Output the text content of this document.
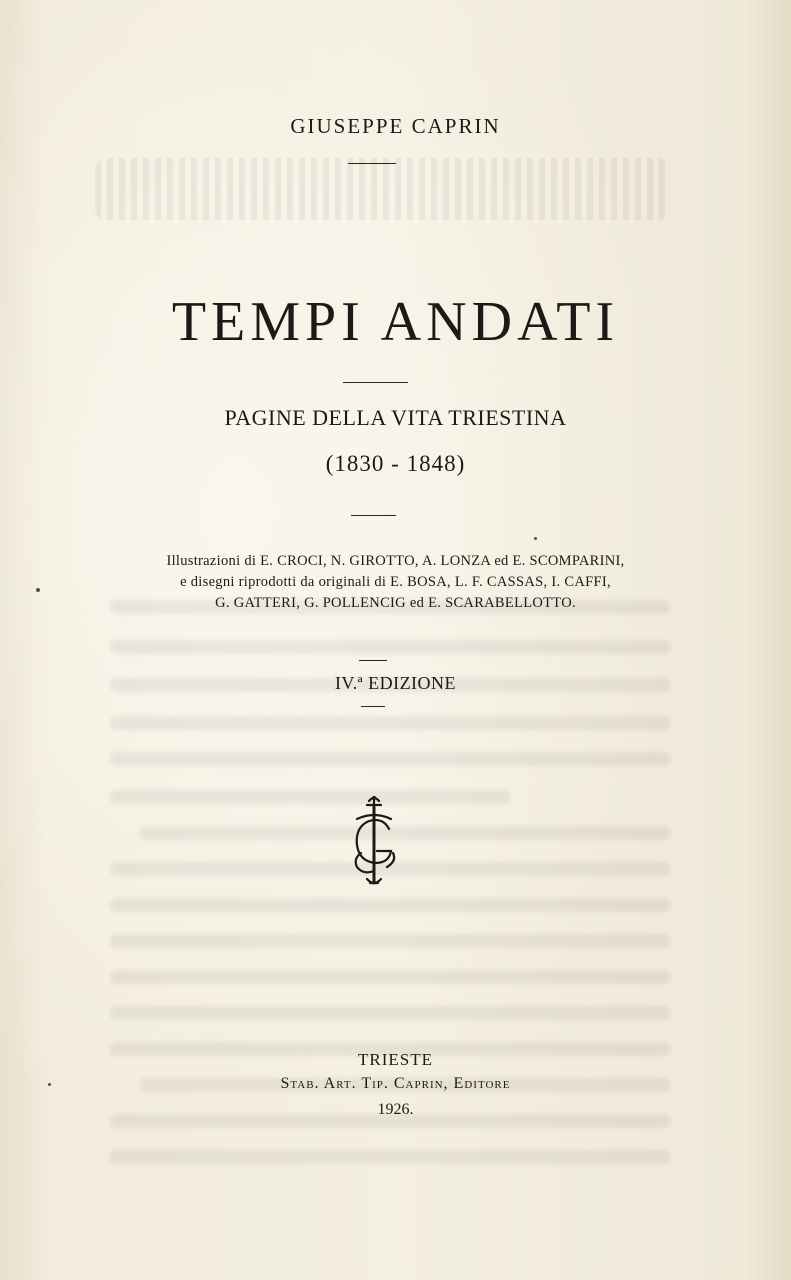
GIUSEPPE CAPRIN
TEMPI ANDATI
PAGINE DELLA VITA TRIESTINA
(1830 - 1848)
Illustrazioni di E. CROCI, N. GIROTTO, A. LONZA ed E. SCOMPARINI,
e disegni riprodotti da originali di E. BOSA, L. F. CASSAS, I. CAFFI,
G. GATTERI, G. POLLENCIG ed E. SCARABELLOTTO.
IV.ª EDIZIONE
TRIESTE
Stab. Art. Tip. Caprin, Editore
1926.
